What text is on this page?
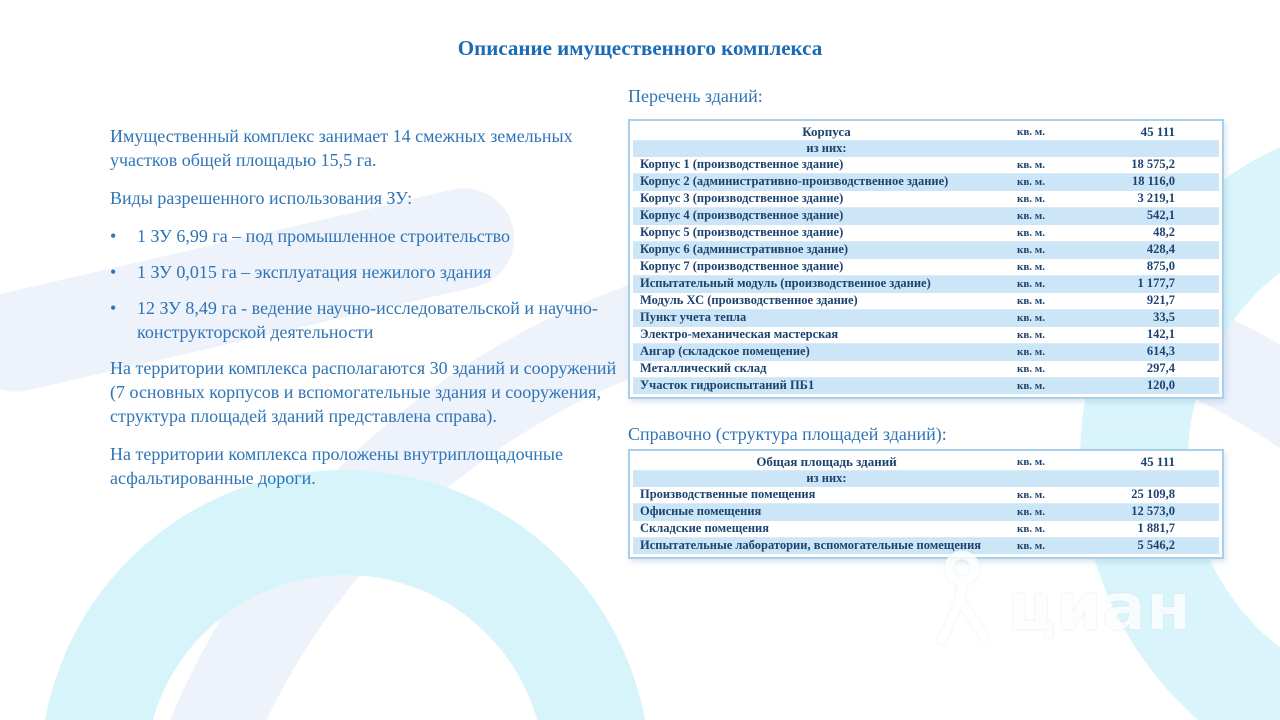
Описание имущественного комплекса

Имущественный комплекс занимает 14 смежных земельных участков общей площадью 15,5 га.

Виды разрешенного использования ЗУ:

•	1 ЗУ 6,99 га – под промышленное строительство
•	1 ЗУ 0,015 га – эксплуатация нежилого здания
•	12 ЗУ 8,49 га - ведение научно-исследовательской и научно-конструкторской деятельности

На территории комплекса располагаются 30 зданий и сооружений (7 основных корпусов и вспомогательные здания и сооружения, структура площадей зданий представлена справа).

На территории комплекса проложены внутриплощадочные асфальтированные дороги.

Перечень зданий:
Справочно (структура площадей зданий):
Корпуса	кв. м.	45 111
из них:
Корпус 1 (производственное здание)	кв. м.	18 575,2
Корпус 2 (административно-производственное здание)	кв. м.	18 116,0
Корпус 3 (производственное здание)	кв. м.	3 219,1
Корпус 4 (производственное здание)	кв. м.	542,1
Корпус 5 (производственное здание)	кв. м.	48,2
Корпус 6 (административное здание)	кв. м.	428,4
Корпус 7 (производственное здание)	кв. м.	875,0
Испытательный модуль (производственное здание)	кв. м.	1 177,7
Модуль ХС (производственное здание)	кв. м.	921,7
Пункт учета тепла	кв. м.	33,5
Электро-механическая мастерская	кв. м.	142,1
Ангар (складское помещение)	кв. м.	614,3
Металлический склад	кв. м.	297,4
Участок гидроиспытаний ПБ1	кв. м.	120,0
Общая площадь зданий	кв. м.	45 111
из них:
Производственные помещения	кв. м.	25 109,8
Офисные помещения	кв. м.	12 573,0
Складские помещения	кв. м.	1 881,7
Испытательные лаборатории, вспомогательные помещения	кв. м.	5 546,2
циан
